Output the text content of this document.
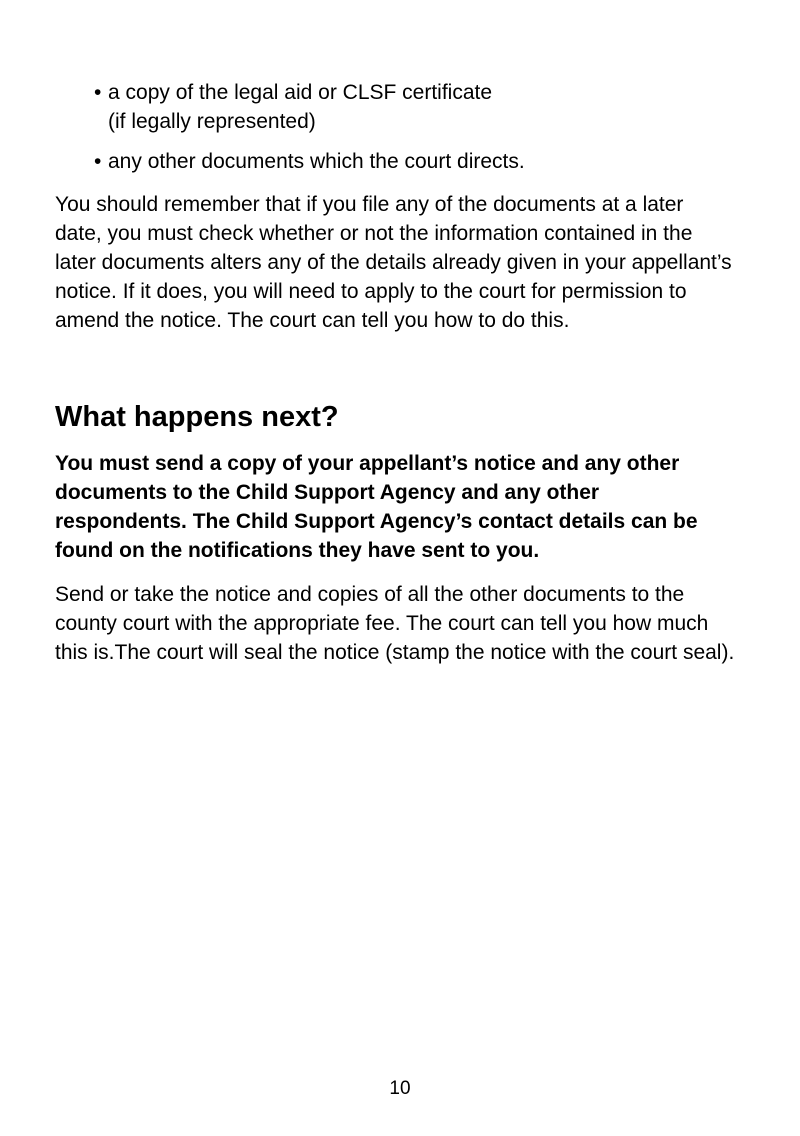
• a copy of the legal aid or CLSF certificate
(if legally represented)
• any other documents which the court directs.

You should remember that if you file any of the documents at a later date, you must check whether or not the information contained in the later documents alters any of the details already given in your appellant’s notice. If it does, you will need to apply to the court for permission to amend the notice. The court can tell you how to do this.

What happens next?

You must send a copy of your appellant’s notice and any other documents to the Child Support Agency and any other respondents. The Child Support Agency’s contact details can be found on the notifications they have sent to you.

Send or take the notice and copies of all the other documents to the county court with the appropriate fee. The court can tell you how much this is.The court will seal the notice (stamp the notice with the court seal).

10
